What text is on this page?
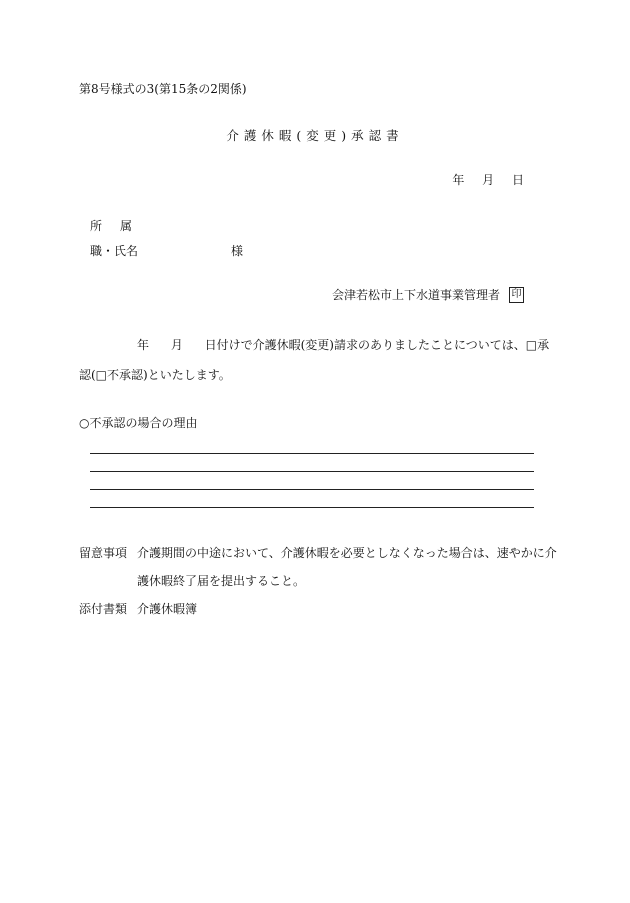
第8号様式の3(第15条の2関係)
介護休暇(変更)承認書
年 月 日
所属
職・氏名	様
会津若松市上下水道事業管理者 印
年 月 日付けで介護休暇(変更)請求のありましたことについては、□承
認(□不承認)といたします。
○不承認の場合の理由
留意事項 介護期間の中途において、介護休暇を必要としなくなった場合は、速やかに介
護休暇終了届を提出すること。
添付書類 介護休暇簿
